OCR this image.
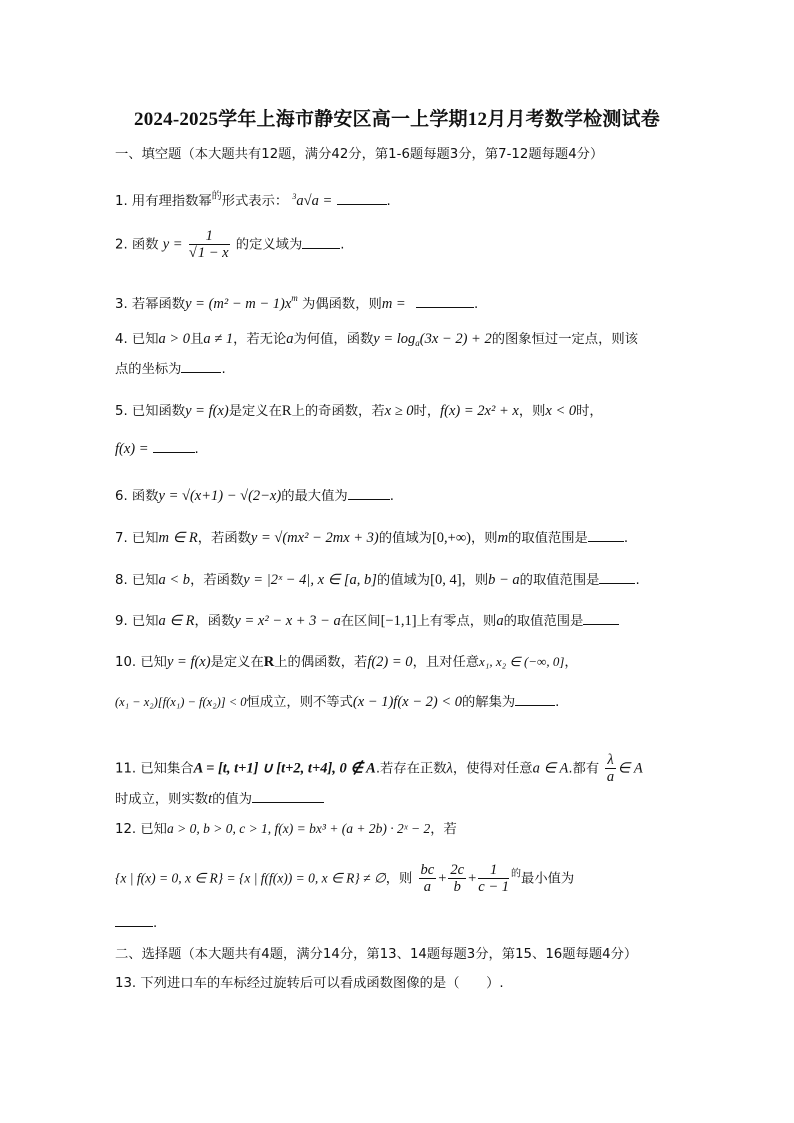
2024-2025学年上海市静安区高一上学期12月月考数学检测试卷
一、填空题（本大题共有12题，满分42分，第1-6题每题3分，第7-12题每题4分）
1. 用有理指数幂$^的$形式表示： $^3$a√a =	.
2. 函数 $y = \frac{1}{√1 - x}$ 的定义域为	.
3. 若幂函数$y = (m^2 - m - 1)x^m$ 为偶函数，则m =	.
4. 已知a > 0且a ≠ 1，若无论a为何值，函数$y = \log_a(3x - 2) + 2$的图象恒过一定点，则该
点的坐标为	.
5. 已知函数y = f(x)是定义在R上的奇函数，若x ≥ 0时，f(x) = 2x² + x，则x < 0时，
f(x) =	.
6. 函数y = √(x+1) − √(2−x)的最大值为	.
7. 已知m ∈ R，若函数y = √(mx² − 2mx + 3)的值域为[0,+∞)，则m的取值范围是	.
8. 已知a < b，若函数y = |2ˣ − 4|, x ∈ [a, b]的值域为[0, 4]，则b − a的取值范围是	.
9. 已知a ∈ R，函数y = x² − x + 3 − a在区间[−1,1]上有零点，则a的取值范围是
10. 已知y = f(x)是定义在R上的偶函数，若f(2) = 0，且对任意x₁, x₂ ∈ (−∞, 0]，
(x₁ − x₂)[f(x₁) − f(x₂)] < 0恒成立，则不等式(x − 1)f(x − 2) < 0的解集为	.
11. 已知集合A = [t, t+1] ∪ [t+2, t+4], 0 ∉ A.若存在正数λ，使得对任意a ∈ A.都有 $\frac{\lambda}{a}$ ∈ A
时成立，则实数t的值为
12. 已知a > 0, b > 0, c > 1, f(x) = bx³ + (a + 2b) · 2ˣ − 2，若
{x | f(x) = 0, x ∈ R} = {x | f(f(x)) = 0, x ∈ R} ≠ ∅，则 $\frac{bc}{a} + \frac{2c}{b} + \frac{1}{c - 1} ^的$最小值为
.
二、选择题（本大题共有4题，满分14分，第13、14题每题3分，第15、16题每题4分）
13. 下列进口车的车标经过旋转后可以看成函数图像的是（　　）.
